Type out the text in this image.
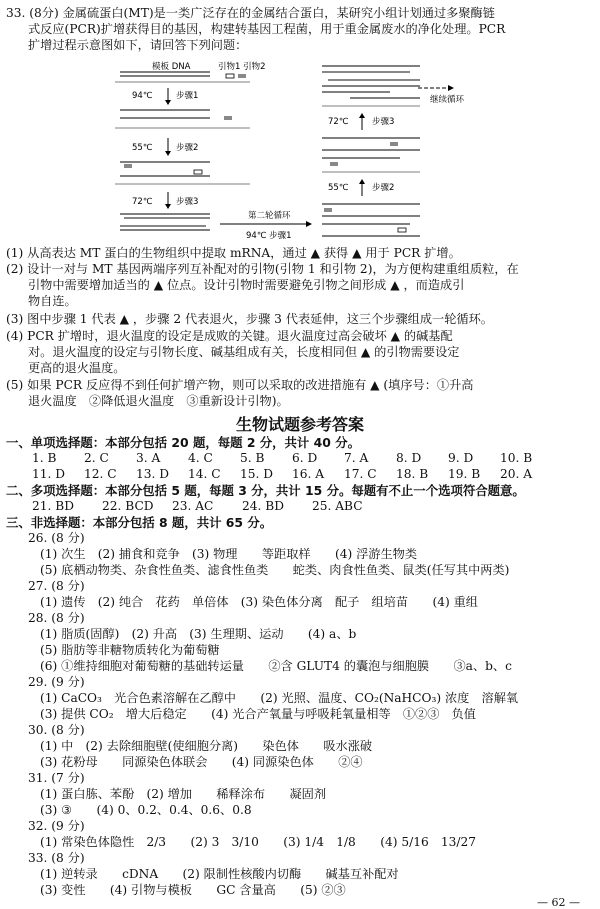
33. (8分) 金属硫蛋白(MT)是一类广泛存在的金属结合蛋白，某研究小组计划通过多聚酶链
式反应(PCR)扩增获得目的基因，构建转基因工程菌，用于重金属废水的净化处理。PCR
扩增过程示意图如下，请回答下列问题：
模板 DNA	引物1 引物2
94℃	步骤1
55℃	步骤2
72℃	步骤3
第二轮循环
94℃ 步骤1
继续循环
72℃	步骤3
55℃	步骤2
(1) 从高表达 MT 蛋白的生物组织中提取 mRNA，通过 ▲ 获得 ▲ 用于 PCR 扩增。
(2) 设计一对与 MT 基因两端序列互补配对的引物(引物 1 和引物 2)，为方便构建重组质粒，在
引物中需要增加适当的 ▲ 位点。设计引物时需要避免引物之间形成 ▲ ，而造成引
物自连。
(3) 图中步骤 1 代表 ▲ ，步骤 2 代表退火，步骤 3 代表延伸，这三个步骤组成一轮循环。
(4) PCR 扩增时，退火温度的设定是成败的关键。退火温度过高会破坏 ▲ 的碱基配
对。退火温度的设定与引物长度、碱基组成有关，长度相同但 ▲ 的引物需要设定
更高的退火温度。
(5) 如果 PCR 反应得不到任何扩增产物，则可以采取的改进措施有 ▲ (填序号：①升高
退火温度　②降低退火温度　③重新设计引物)。
生物试题参考答案
一、单项选择题：本部分包括 20 题，每题 2 分，共计 40 分。
1. B	2. C	3. A	4. C	5. B	6. D	7. A	8. D	9. D	10. B
11. D	12. C	13. D	14. C	15. D	16. A	17. C	18. B	19. B	20. A
二、多项选择题：本部分包括 5 题，每题 3 分，共计 15 分。每题有不止一个选项符合题意。
21. BD	22. BCD	23. AC	24. BD	25. ABC
三、非选择题：本部分包括 8 题，共计 65 分。
26. (8 分)
(1) 次生　(2) 捕食和竞争　(3) 物理　　等距取样　　(4) 浮游生物类
(5) 底栖动物类、杂食性鱼类、滤食性鱼类　　蛇类、肉食性鱼类、鼠类(任写其中两类)
27. (8 分)
(1) 遗传　(2) 纯合　花药　单倍体　(3) 染色体分离　配子　组培苗　　(4) 重组
28. (8 分)
(1) 脂质(固醇)　(2) 升高　(3) 生理期、运动　　(4) a、b
(5) 脂肪等非糖物质转化为葡萄糖
(6) ①维持细胞对葡萄糖的基础转运量　　②含 GLUT4 的囊泡与细胞膜　　③a、b、c
29. (9 分)
(1) CaCO₃　光合色素溶解在乙醇中　　(2) 光照、温度、CO₂(NaHCO₃) 浓度　溶解氧
(3) 提供 CO₂　增大后稳定　　(4) 光合产氧量与呼吸耗氧量相等　①②③　负值
30. (8 分)
(1) 中　(2) 去除细胞壁(使细胞分离)　　染色体　　吸水涨破
(3) 花粉母　　同源染色体联会　　(4) 同源染色体　　②④
31. (7 分)
(1) 蛋白胨、苯酚　(2) 增加　　稀释涂布　　凝固剂
(3) ③　　(4) 0、0.2、0.4、0.6、0.8
32. (9 分)
(1) 常染色体隐性　2/3　　(2) 3　3/10　　(3) 1/4　1/8　　(4) 5/16　13/27
33. (8 分)
(1) 逆转录　　cDNA　　(2) 限制性核酸内切酶　　碱基互补配对
(3) 变性　　(4) 引物与模板　　GC 含量高　　(5) ②③
— 62 —
